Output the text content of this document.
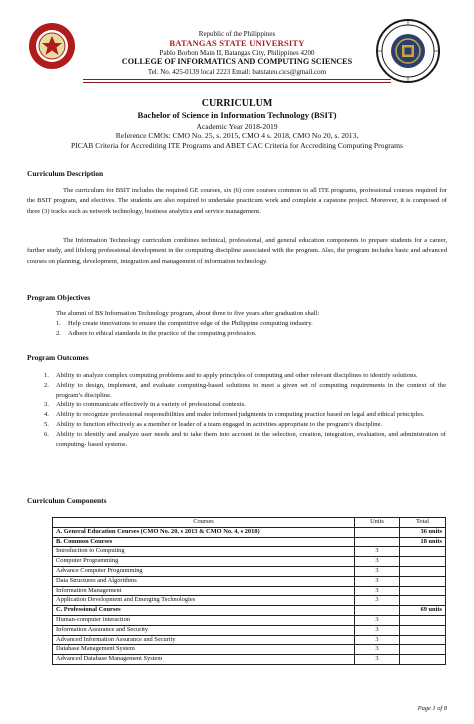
Republic of the Philippines
BATANGAS STATE UNIVERSITY
Pablo Borbon Main II, Batangas City, Philippines 4200
COLLEGE OF INFORMATICS AND COMPUTING SCIENCES
Tel. No. 425-0139 local 2223 Email: batstateu.cics@gmail.com
CURRICULUM
Bachelor of Science in Information Technology (BSIT)
Academic Year 2018-2019
Reference CMOs: CMO No. 25, s. 2015, CMO 4 s. 2018, CMO No 20, s. 2013,
PICAB Criteria for Accrediting ITE Programs and ABET CAC Criteria for Accrediting Computing Programs
Curriculum Description
The curriculum for BSIT includes the required GE courses, six (6) core courses common to all ITE programs, professional courses required for the BSIT program, and electives. The students are also required to undertake practicum work and complete a capstone project. Moreover, it is composed of three (3) tracks such as network technology, business analytics and service management.
The Information Technology curriculum combines technical, professional, and general education components to prepare students for a career, further study, and lifelong professional development in the computing discipline associated with the program. Also, the program includes basic and advanced courses on planning, development, integration and management of information technology.
Program Objectives
The alumni of BS Information Technology program, about three to five years after graduation shall:
1.	Help create innovations to ensure the competitive edge of the Philippine computing industry.
2.	Adhere to ethical standards in the practice of the computing profession.
Program Outcomes
1.	Ability to analyze complex computing problems and to apply principles of computing and other relevant disciplines to identify solutions.
2.	Ability to design, implement, and evaluate computing-based solutions to meet a given set of computing requirements in the context of the program’s discipline.
3.	Ability to communicate effectively in a variety of professional contexts.
4.	Ability to recognize professional responsibilities and make informed judgments in computing practice based on legal and ethical principles.
5.	Ability to function effectively as a member or leader of a team engaged in activities appropriate to the program’s discipline.
6.	Ability to identify and analyze user needs and to take them into account in the selection, creation, integration, evaluation, and administration of computing- based systems.
Curriculum Components
Courses	Units	Total
A. General Education Courses (CMO No. 20, s 2013 & CMO No. 4, s 2018)		36 units
B. Common Courses		18 units
Introduction to Computing	3	
Computer Programming	3	
Advance Computer Programming	3	
Data Structures and Algorithms	3	
Information Management	3	
Application Development and Emerging Technologies	3	
C. Professional Courses		69 units
Human-computer interaction	3	
Information Assurance and Security	3	
Advanced Information Assurance and Security	3	
Database Management System	3	
Advanced Database Management System	3	
Page 1 of 8
